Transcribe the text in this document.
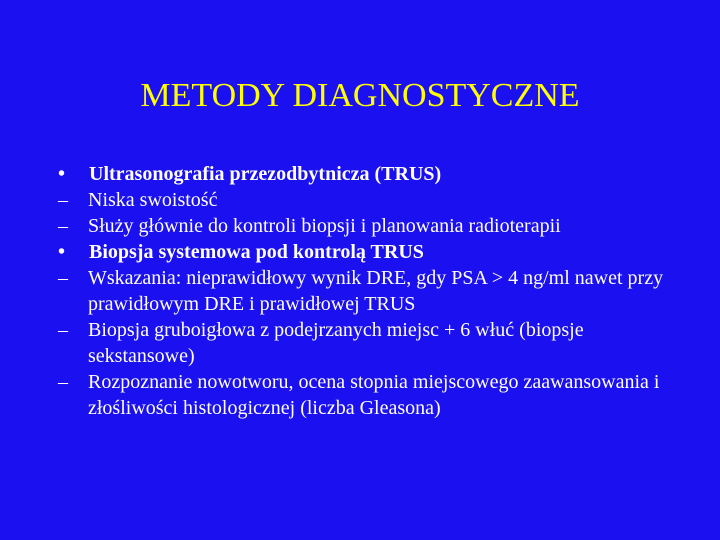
METODY DIAGNOSTYCZNE
• Ultrasonografia przezodbytnicza (TRUS)
– Niska swoistość
– Służy głównie do kontroli biopsji i planowania radioterapii
• Biopsja systemowa pod kontrolą TRUS
– Wskazania: nieprawidłowy wynik DRE, gdy PSA > 4 ng/ml nawet przy prawidłowym DRE i prawidłowej TRUS
– Biopsja gruboigłowa z podejrzanych miejsc + 6 włuć (biopsje sekstansowe)
– Rozpoznanie nowotworu, ocena stopnia miejscowego zaawansowania i złośliwości histologicznej (liczba Gleasona)
